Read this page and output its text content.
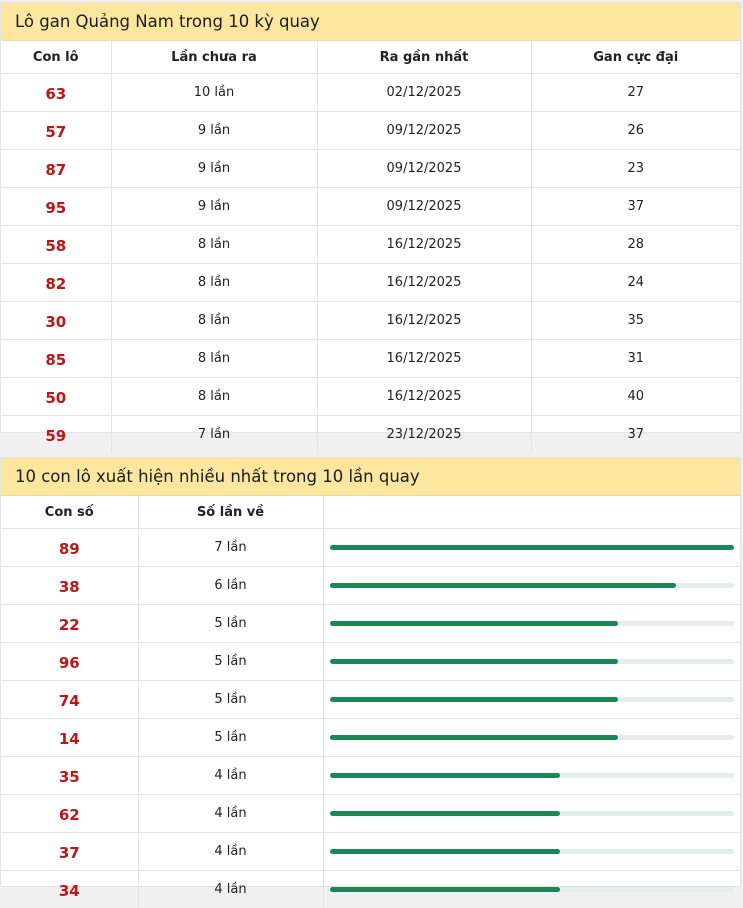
Lô gan Quảng Nam trong 10 kỳ quay
Con lô	Lần chưa ra	Ra gần nhất	Gan cực đại
63	10 lần	02/12/2025	27
57	9 lần	09/12/2025	26
87	9 lần	09/12/2025	23
95	9 lần	09/12/2025	37
58	8 lần	16/12/2025	28
82	8 lần	16/12/2025	24
30	8 lần	16/12/2025	35
85	8 lần	16/12/2025	31
50	8 lần	16/12/2025	40
59	7 lần	23/12/2025	37
10 con lô xuất hiện nhiều nhất trong 10 lần quay
Con số	Số lần về	
89	7 lần	

38	6 lần	

22	5 lần	

96	5 lần	

74	5 lần	

14	5 lần	

35	4 lần	

62	4 lần	

37	4 lần	

34	4 lần	
